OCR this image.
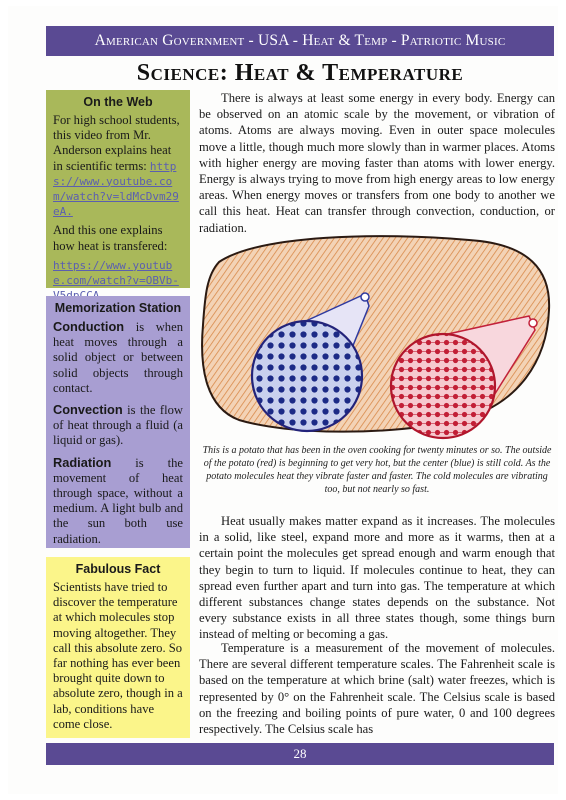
American Government - USA - Heat & Temp - Patriotic Music
Science: Heat & Temperature
On the Web

For high school students, this video from Mr. Anderson explains heat in scientific terms: https://www.youtube.com/watch?v=ldMcDvm29eA.

And this one explains how heat is transfered:

https://www.youtube.com/watch?v=OBVb-

Memorization Station

Conduction is when heat moves through a solid object or between solid objects through contact.

Convection is the flow of heat through a fluid (a liquid or gas).

Radiation is the movement of heat through space, without a medium. A light bulb and the sun both use radiation.

Fabulous Fact

Scientists have tried to discover the temperature at which molecules stop moving altogether. They call this absolute zero. So far nothing has ever been brought quite down to absolute zero, though in a lab, conditions have come close.

There is always at least some energy in every body. Energy can be observed on an atomic scale by the movement, or vibration of atoms. Atoms are always moving. Even in outer space molecules move a little, though much more slowly than in warmer places. Atoms with higher energy are moving faster than atoms with lower energy. Energy is always trying to move from high energy areas to low energy areas. When energy moves or transfers from one body to another we call this heat. Heat can transfer through convection, conduction, or radiation.

This is a potato that has been in the oven cooking for twenty minutes or so. The outside of the potato (red) is beginning to get very hot, but the center (blue) is still cold. As the potato molecules heat they vibrate faster and faster. The cold molecules are vibrating too, but not nearly so fast.

Heat usually makes matter expand as it increases. The molecules in a solid, like steel, expand more and more as it warms, then at a certain point the molecules get spread enough and warm enough that they begin to turn to liquid. If molecules continue to heat, they can spread even further apart and turn into gas. The temperature at which different substances change states depends on the substance. Not every substance exists in all three states though, some things burn instead of melting or becoming a gas.

Temperature is a measurement of the movement of molecules. There are several different temperature scales. The Fahrenheit scale is based on the temperature at which brine (salt) water freezes, which is represented by 0° on the Fahrenheit scale. The Celsius scale is based on the freezing and boiling points of pure water, 0 and 100 degrees respectively. The Celsius scale has

28
